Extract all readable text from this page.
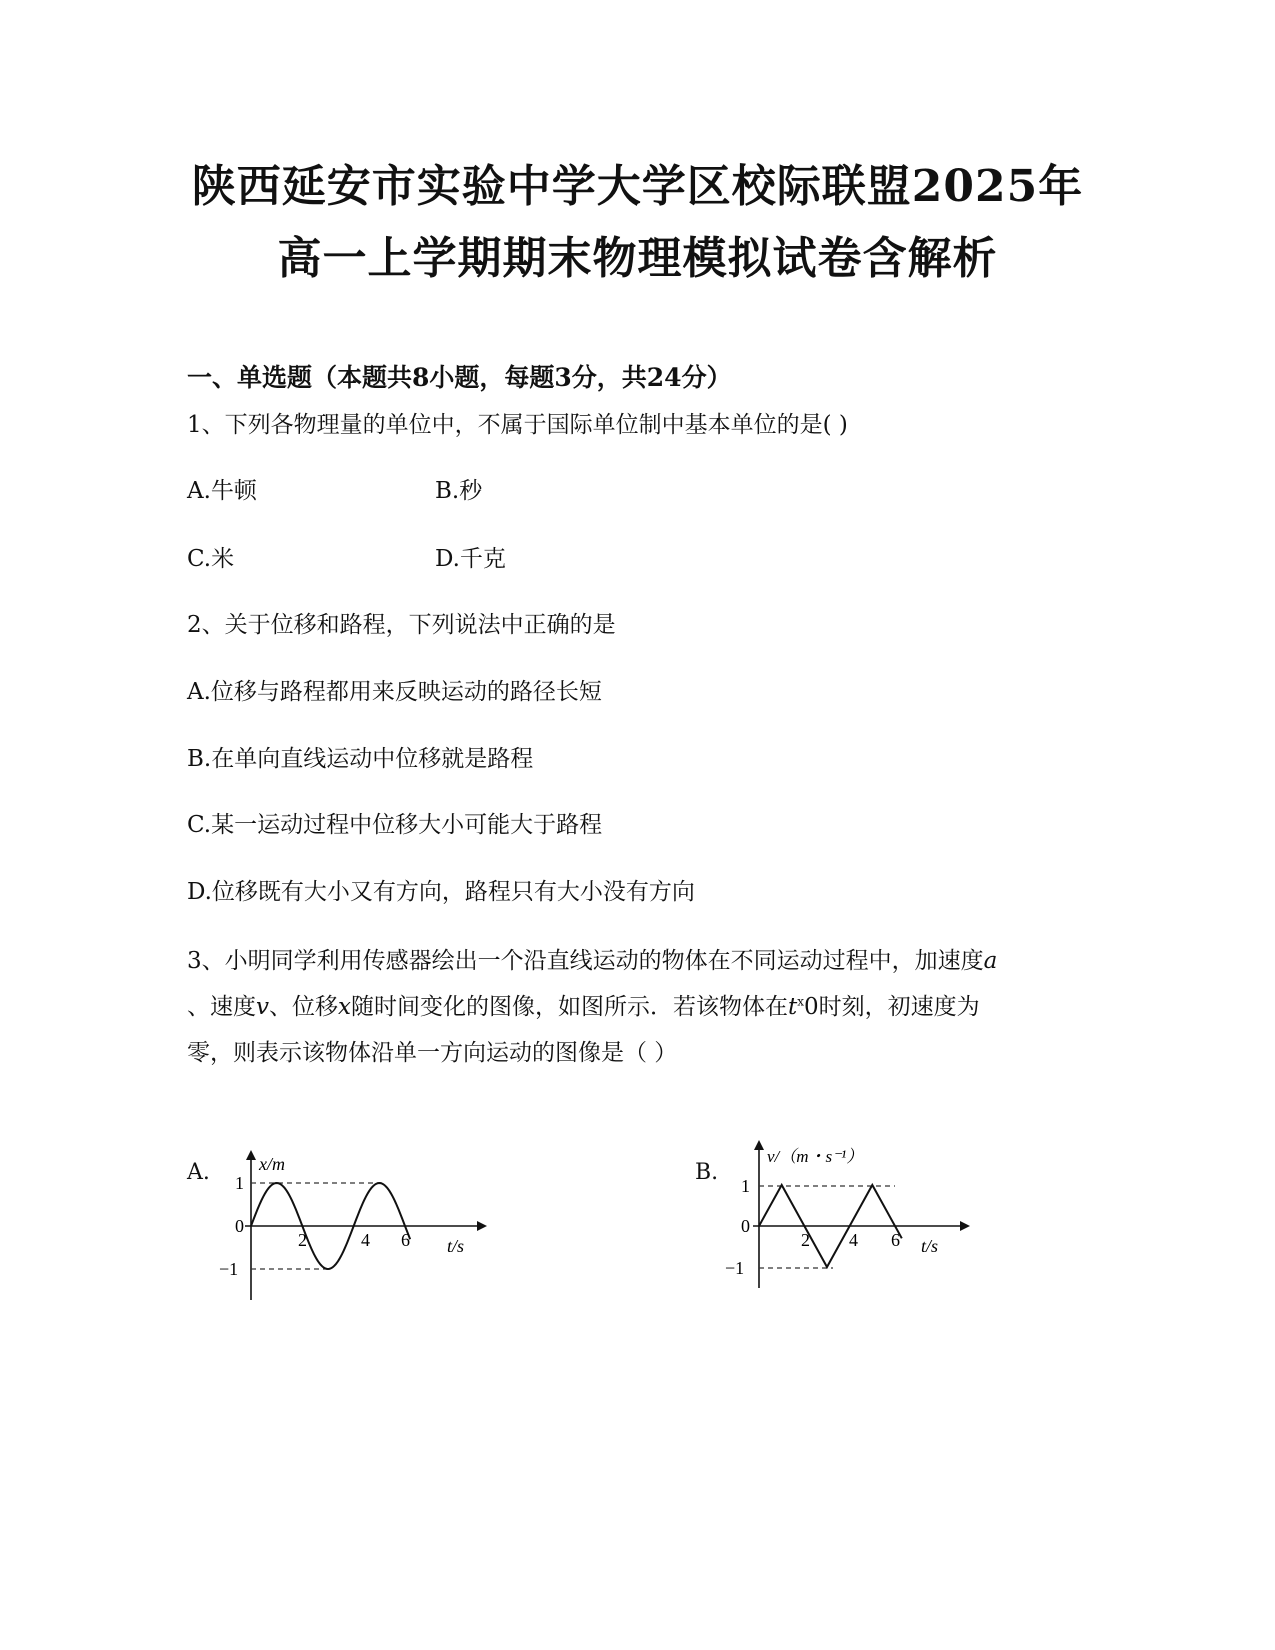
陕西延安市实验中学大学区校际联盟2025年
高一上学期期末物理模拟试卷含解析
一、单选题（本题共8小题，每题3分，共24分）
1、下列各物理量的单位中，不属于国际单位制中基本单位的是( )
A.牛顿	B.秒
C.米	D.千克
2、关于位移和路程，下列说法中正确的是
A.位移与路程都用来反映运动的路径长短
B.在单向直线运动中位移就是路程
C.某一运动过程中位移大小可能大于路程
D.位移既有大小又有方向，路程只有大小没有方向
3、小明同学利用传感器绘出一个沿直线运动的物体在不同运动过程中，加速度a
、速度v、位移x随时间变化的图像，如图所示．若该物体在$t^x0$时刻，初速度为
零，则表示该物体沿单一方向运动的图像是（ ）
A.	B.
x/m
t/s
1
0
−1
2	4 6
v/（m・s⁻¹）
t/s
1
0
−1
2 4 6
